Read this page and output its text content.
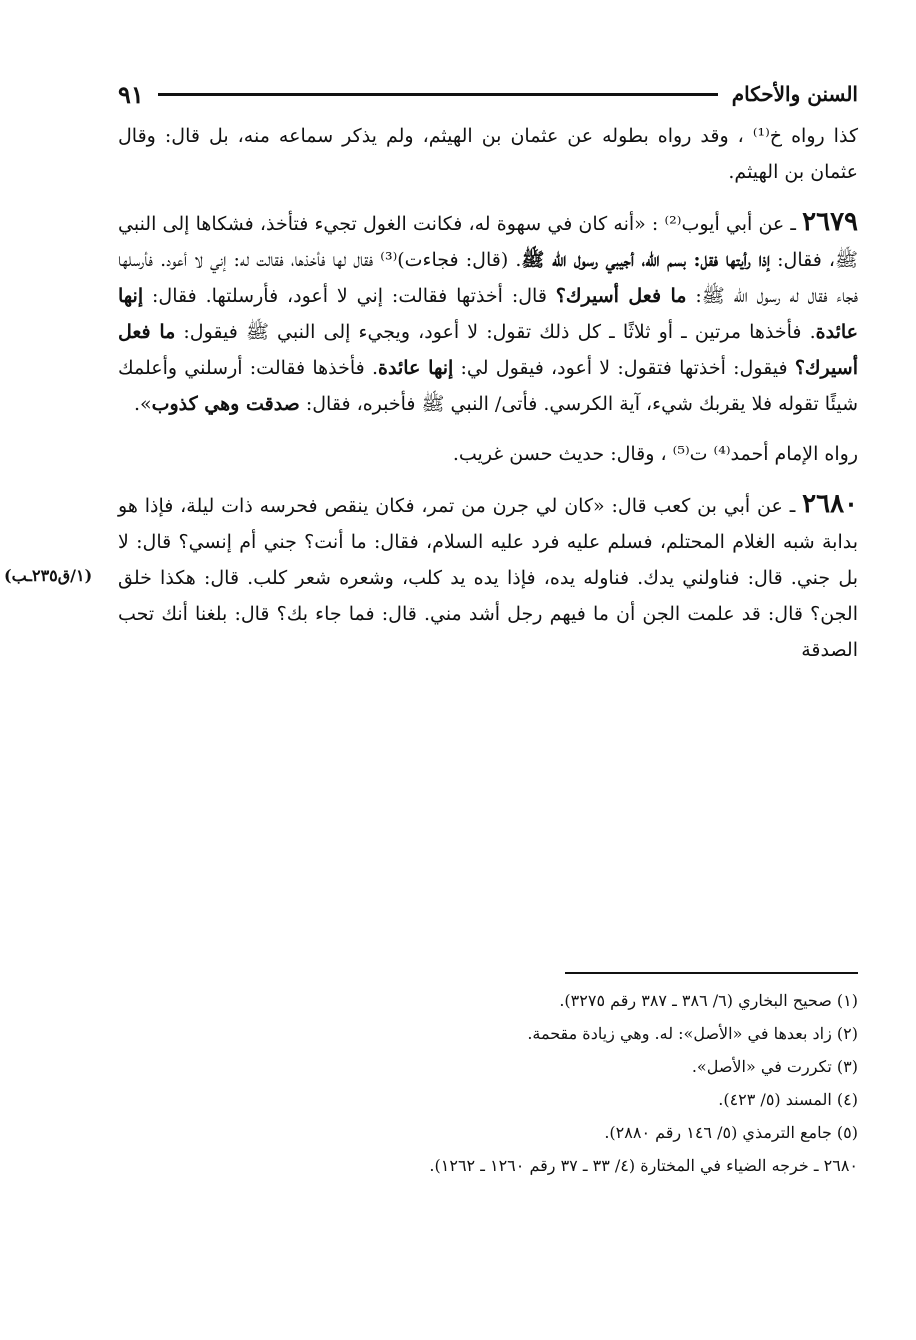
السنن والأحكام
٩١

كذا رواه خ⁽¹⁾ ، وقد رواه بطوله عن عثمان بن الهيثم، ولم يذكر سماعه منه، بل قال: وقال عثمان بن الهيثم.

٢٦٧٩ ـ عن أبي أيوب⁽²⁾ : «أنه كان في سهوة له، فكانت الغول تجيء فتأخذ، فشكاها إلى النبي ﷺ، فقال: إذا رأيتها فقل: بسم الله، أجيبي رسول الله ﷺ. (قال: فجاءت)⁽³⁾ فقال لها فأخذها، فقالت له: إني لا أعود. فأرسلها فجاء فقال له رسول الله ﷺ: ما فعل أسيرك؟ قال: أخذتها فقالت: إني لا أعود، فأرسلتها. فقال: إنها عائدة. فأخذها مرتين ـ أو ثلاثًا ـ كل ذلك تقول: لا أعود، ويجيء إلى النبي ﷺ فيقول: ما فعل أسيرك؟ فيقول: أخذتها فتقول: لا أعود، فيقول لي: إنها عائدة. فأخذها فقالت: أرسلني وأعلمك شيئًا تقوله فلا يقربك شيء، آية الكرسي. فأتى/ النبي ﷺ فأخبره، فقال: صدقت وهي كذوب».

رواه الإمام أحمد⁽⁴⁾ ت⁽⁵⁾ ، وقال: حديث حسن غريب.

٢٦٨٠ ـ عن أبي بن كعب قال: «كان لي جرن من تمر، فكان ينقص فحرسه ذات ليلة، فإذا هو بدابة شبه الغلام المحتلم، فسلم عليه فرد عليه السلام، فقال: ما أنت؟ جني أم إنسي؟ قال: لا بل جني. قال: فناولني يدك. فناوله يده، فإذا يده يد كلب، وشعره شعر كلب. قال: هكذا خلق الجن؟ قال: قد علمت الجن أن ما فيهم رجل أشد مني. قال: فما جاء بك؟ قال: بلغنا أنك تحب الصدقة

(١/ق٢٣٥ـب)

(١) صحيح البخاري (٦/ ٣٨٦ ـ ٣٨٧ رقم ٣٢٧٥).

(٢) زاد بعدها في «الأصل»: له. وهي زيادة مقحمة.

(٣) تكررت في «الأصل».

(٤) المسند (٥/ ٤٢٣).

(٥) جامع الترمذي (٥/ ١٤٦ رقم ٢٨٨٠).

٢٦٨٠ ـ خرجه الضياء في المختارة (٤/ ٣٣ ـ ٣٧ رقم ١٢٦٠ ـ ١٢٦٢).
